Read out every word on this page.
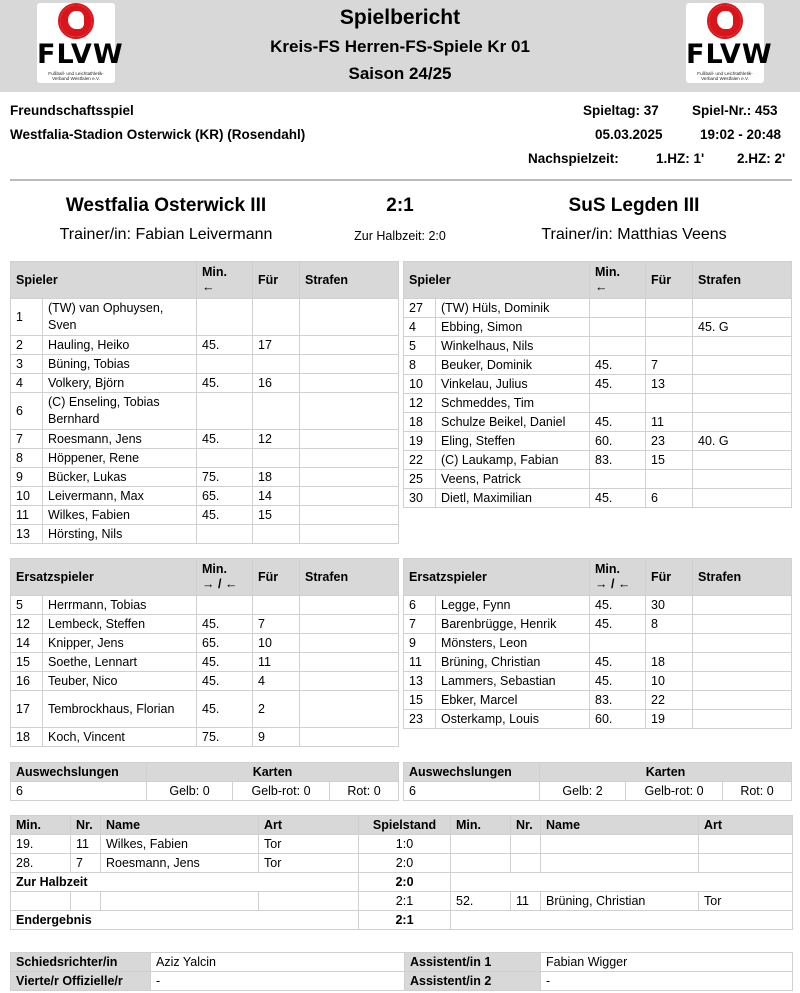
FLVW
Fußball- und Leichtathletik-Verband Westfalen e.V.
FLVW
Fußball- und Leichtathletik-Verband Westfalen e.V.
Spielbericht
Kreis-FS Herren-FS-Spiele Kr 01
Saison 24/25
Freundschaftsspiel
Westfalia-Stadion Osterwick (KR) (Rosendahl)
Spieltag: 37 Spiel-Nr.: 453
05.03.2025	19:02 - 20:48
Nachspielzeit:	1.HZ: 1' 2.HZ: 2'
Westfalia Osterwick III	2:1	SuS Legden III
Trainer/in: Fabian Leivermann	Zur Halbzeit: 2:0	Trainer/in: Matthias Veens
Spieler		Min.
←	Für	Strafen
1	(TW) van Ophuysen, Sven			
2	Hauling, Heiko	45.	17	
3	Büning, Tobias			
4	Volkery, Björn	45.	16	
6	(C) Enseling, Tobias Bernhard			
7	Roesmann, Jens	45.	12	
8	Höppener, Rene			
9	Bücker, Lukas	75.	18	
10	Leivermann, Max	65.	14	
11	Wilkes, Fabien	45.	15	
13	Hörsting, Nils			
Spieler		Min.
←	Für	Strafen
27	(TW) Hüls, Dominik			
4	Ebbing, Simon			45. G
5	Winkelhaus, Nils			
8	Beuker, Dominik	45.	7	
10	Vinkelau, Julius	45.	13	
12	Schmeddes, Tim			
18	Schulze Beikel, Daniel	45.	11	
19	Eling, Steffen	60.	23	40. G
22	(C) Laukamp, Fabian	83.	15	
25	Veens, Patrick			
30	Dietl, Maximilian	45.	6	
Ersatzspieler		Min.
→ / ←	Für	Strafen
5	Herrmann, Tobias			
12	Lembeck, Steffen	45.	7	
14	Knipper, Jens	65.	10	
15	Soethe, Lennart	45.	11	
16	Teuber, Nico	45.	4	
17	Tembrockhaus, Florian	45.	2	
18	Koch, Vincent	75.	9	
Ersatzspieler		Min.
→ / ←	Für	Strafen
6	Legge, Fynn	45.	30	
7	Barenbrügge, Henrik	45.	8	
9	Mönsters, Leon			
11	Brüning, Christian	45.	18	
13	Lammers, Sebastian	45.	10	
15	Ebker, Marcel	83.	22	
23	Osterkamp, Louis	60.	19	
Auswechslungen	Karten		
6	Gelb: 0	Gelb-rot: 0	Rot: 0
Auswechslungen	Karten		
6	Gelb: 2	Gelb-rot: 0	Rot: 0
Min.	Nr.	Name	Art	Spielstand	Min.	Nr.	Name	Art
19.	11	Wilkes, Fabien	Tor	1:0				
28.	7	Roesmann, Jens	Tor	2:0				
Zur Halbzeit				2:0				
				2:1	52.	11	Brüning, Christian	Tor
Endergebnis				2:1				
Schiedsrichter/in	Aziz Yalcin	Assistent/in 1	Fabian Wigger
Vierte/r Offizielle/r	-	Assistent/in 2	-
